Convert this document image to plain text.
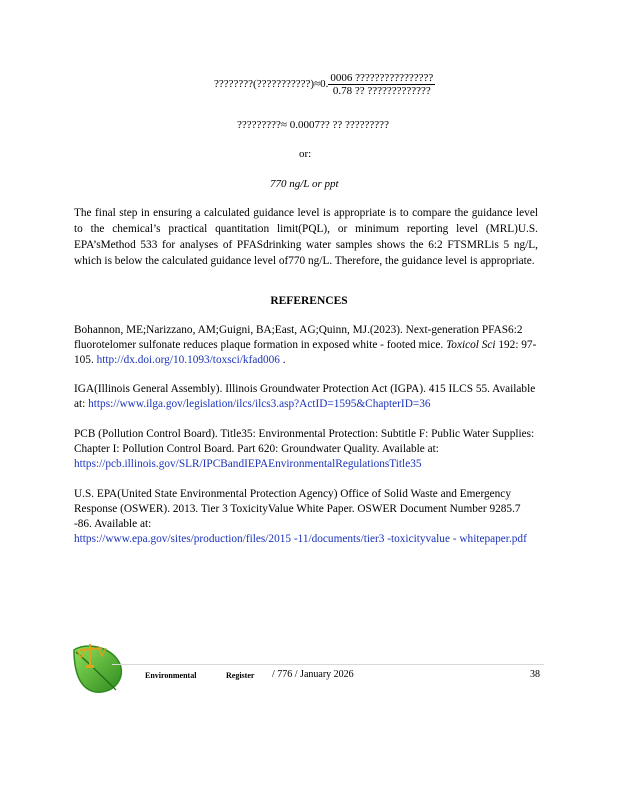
????????(???????????)≈0. $\frac{0006 ????????????????}{0.78 ?? ?????????????}$
?????????≈ 0.0007?? ?? ?????????
or:
770 ng/L or ppt
The final step in ensuring a calculated guidance level is appropriate is to compare the guidance level to the chemical’s practical quantitation limit(PQL), or minimum reporting level (MRL)U.S. EPA’sMethod 533 for analyses of PFASdrinking water samples shows the 6:2 FTSMRLis 5 ng/L, which is below the calculated guidance level of770 ng/L. Therefore, the guidance level is appropriate.
REFERENCES
Bohannon, ME;Narizzano, AM;Guigni, BA;East, AG;Quinn, MJ.(2023). Next-generation PFAS6:2 fluorotelomer sulfonate reduces plaque formation in exposed white - footed mice. Toxicol Sci 192: 97-105. http://dx.doi.org/10.1093/toxsci/kfad006 .
IGA(Illinois General Assembly). Illinois Groundwater Protection Act (IGPA). 415 ILCS 55. Available at: https://www.ilga.gov/legislation/ilcs/ilcs3.asp?ActID=1595&ChapterID=36
PCB (Pollution Control Board). Title35: Environmental Protection: Subtitle F: Public Water Supplies: Chapter I: Pollution Control Board. Part 620: Groundwater Quality. Available at: https://pcb.illinois.gov/SLR/IPCBandIEPAEnvironmentalRegulationsTitle35
U.S. EPA(United State Environmental Protection Agency) Office of Solid Waste and Emergency Response (OSWER). 2013. Tier 3 ToxicityValue White Paper. OSWER Document Number 9285.7 -86. Available at:
https://www.epa.gov/sites/production/files/2015 -11/documents/tier3 -toxicityvalue - whitepaper.pdf
Environmental	Register / 776 / January 2026	38
